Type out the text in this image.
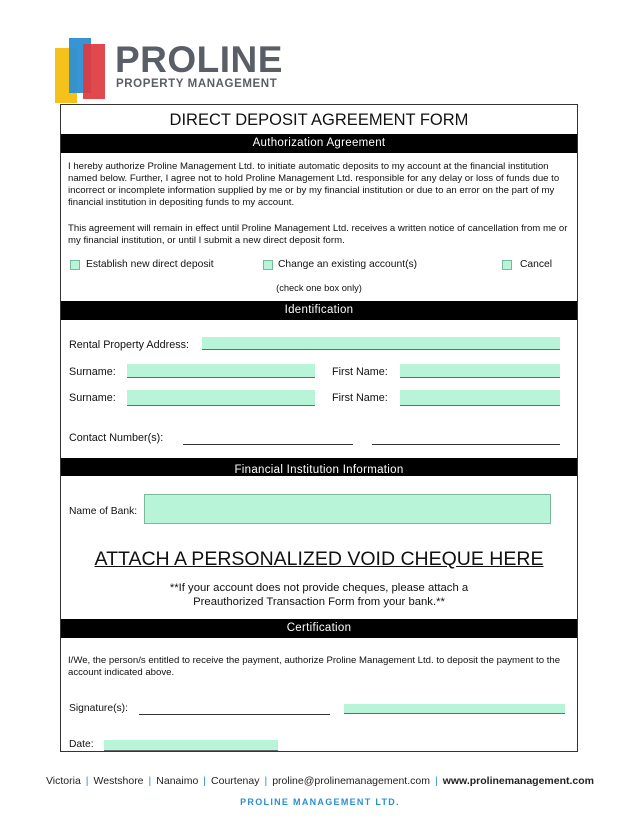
PROLINE
PROPERTY MANAGEMENT
DIRECT DEPOSIT AGREEMENT FORM
Authorization Agreement
I hereby authorize Proline Management Ltd. to initiate automatic deposits to my account at the financial institution named below. Further, I agree not to hold Proline Management Ltd. responsible for any delay or loss of funds due to incorrect or incomplete information supplied by me or by my financial institution or due to an error on the part of my financial institution in depositing funds to my account.
This agreement will remain in effect until Proline Management Ltd. receives a written notice of cancellation from me or my financial institution, or until I submit a new direct deposit form.
Establish new direct deposit	Change an existing account(s)	Cancel
(check one box only)
Identification
Rental Property Address:
Surname:	First Name:
Surname:	First Name:
Contact Number(s):
Financial Institution Information
Name of Bank:
ATTACH A PERSONALIZED VOID CHEQUE HERE
**If your account does not provide cheques, please attach a
Preauthorized Transaction Form from your bank.**
Certification
I/We, the person/s entitled to receive the payment, authorize Proline Management Ltd. to deposit the payment to the account indicated above.
Signature(s):
Date:
Victoria | Westshore | Nanaimo | Courtenay | proline@prolinemanagement.com | www.prolinemanagement.com
PROLINE MANAGEMENT LTD.
